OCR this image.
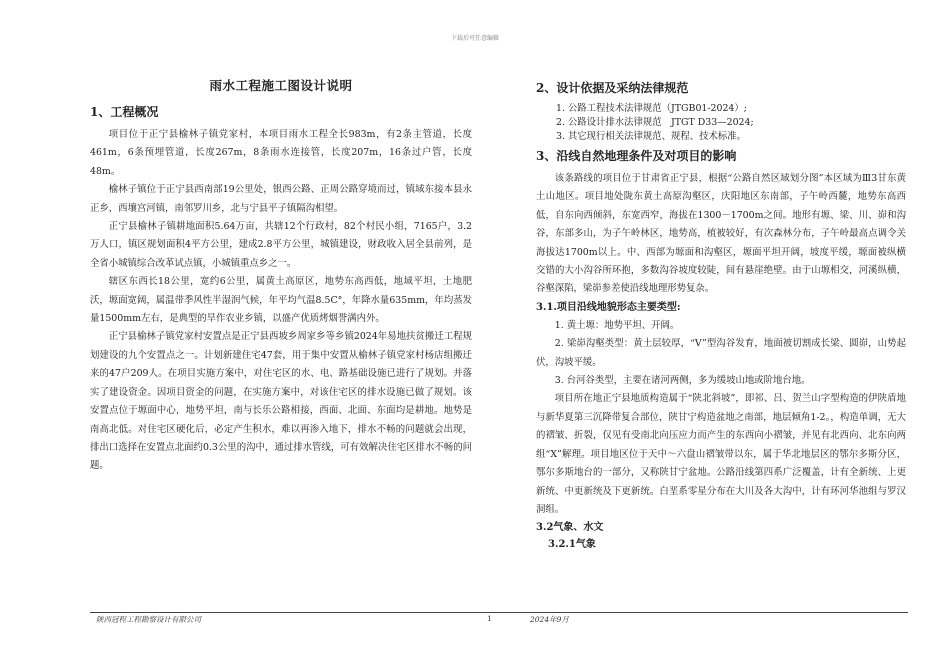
下载后可任意编辑
雨水工程施工图设计说明
1、工程概况

项目位于正宁县榆林子镇党家村，本项目雨水工程全长983m，有2条主管道，长度461m，6条预埋管道，长度267m，8条雨水连接管，长度207m，16条过户管，长度48m。

榆林子镇位于正宁县西南部19公里处，银西公路、正周公路穿境而过，镇域东接本县永正乡，西壤宫河镇，南邻罗川乡，北与宁县平子镇隔沟相望。

正宁县榆林子镇耕地面积5.64万亩，共辖12个行政村，82个村民小组，7165户，3.2万人口，镇区规划面积4平方公里，建成2.8平方公里，城镇建设，财政收入居全县前列，是全省小城镇综合改革试点镇，小城镇重点乡之一。

辖区东西长18公里，宽约6公里，属黄土高原区，地势东高西低，地域平坦，土地肥沃，塬面宽阔，属温带季风性半湿润气候，年平均气温8.5C°，年降水量635mm，年均蒸发量1500mm左右，是典型的旱作农业乡镇，以盛产优质烤烟誉满内外。

正宁县榆林子镇党家村安置点是正宁县西坡乡周家乡等乡镇2024年易地扶贫搬迁工程规划建设的九个安置点之一。计划新建住宅47套，用于集中安置从榆林子镇党家村杨店组搬迁来的47户209人。在项目实施方案中，对住宅区的水、电、路基础设施已进行了规划。并落实了建设资金。因项目资金的问题，在实施方案中，对该住宅区的排水设施已做了规划。该安置点位于塬面中心，地势平坦，南与长乐公路相接，西面、北面、东面均是耕地。地势是南高北低。对住宅区硬化后，必定产生积水，难以再渗入地下，排水不畅的问题就会出现，排出口选择在安置点北面约0.3公里的沟中，通过排水管线，可有效解决住宅区排水不畅的问题。

2、设计依据及采纳法律规范
1. 公路工程技术法律规范（JTGB01-2024）;
2. 公路设计排水法律规范　JTGT D33—2024;
3. 其它现行相关法律规范、规程、技术标准。
3、沿线自然地理条件及对项目的影响

该条路线的项目位于甘肃省正宁县，根据“公路自然区域划分图”本区域为Ⅲ3甘东黄土山地区。项目地处陇东黄土高原沟壑区，庆阳地区东南部，子午岭西麓，地势东高西低，自东向西倾斜，东宽西窄，海拔在1300－1700m之间。地形有塬、梁、川、峁和沟谷，东部多山，为子午岭林区，地势高，植被较好，有次森林分布，子午岭最高点调令关海拔达1700m以上。中、西部为塬面和沟壑区，塬面平坦开阔，坡度平缓，塬面被纵横交错的大小沟谷所环抱，多数沟谷坡度较陡，间有悬崖绝壁。由于山塬相交，河溪纵横，谷壑深陷，梁峁参差使沿线地理形势复杂。

3.1.项目沿线地貌形态主要类型:

1. 黄土塬：地势平坦、开阔。

2. 梁峁沟壑类型：黄土层较厚，“V”型沟谷发育，地面被切割成长梁、圆峁，山势起伏，沟坡平缓。

3. 台河谷类型，主要在诸河两侧，多为缓坡山地或阶地台地。

项目所在地正宁县地质构造属于“陕北斜坡”，即祁、吕、贺兰山字型构造的伊陕盾地与新华夏第三沉降带复合部位，陕甘宁构造盆地之南部，地层倾角1-2。，构造单调，无大的褶皱、折裂，仅见有受南北向压应力而产生的东西向小褶皱，并见有北西向、北东向两组“X”解理。项目地区位于天中～六盘山褶皱带以东，属于华北地层区的鄂尔多斯分区，鄂尔多斯地台的一部分，又称陕甘宁盆地。公路沿线第四系广泛覆盖，计有全新统、上更新统、中更新统及下更新统。白垩系零星分布在大川及各大沟中，计有环河华池组与罗汉洞组。

3.2气象、水文
3.2.1气象
陕西冠程工程勘察设计有限公司	1	2024年9月
